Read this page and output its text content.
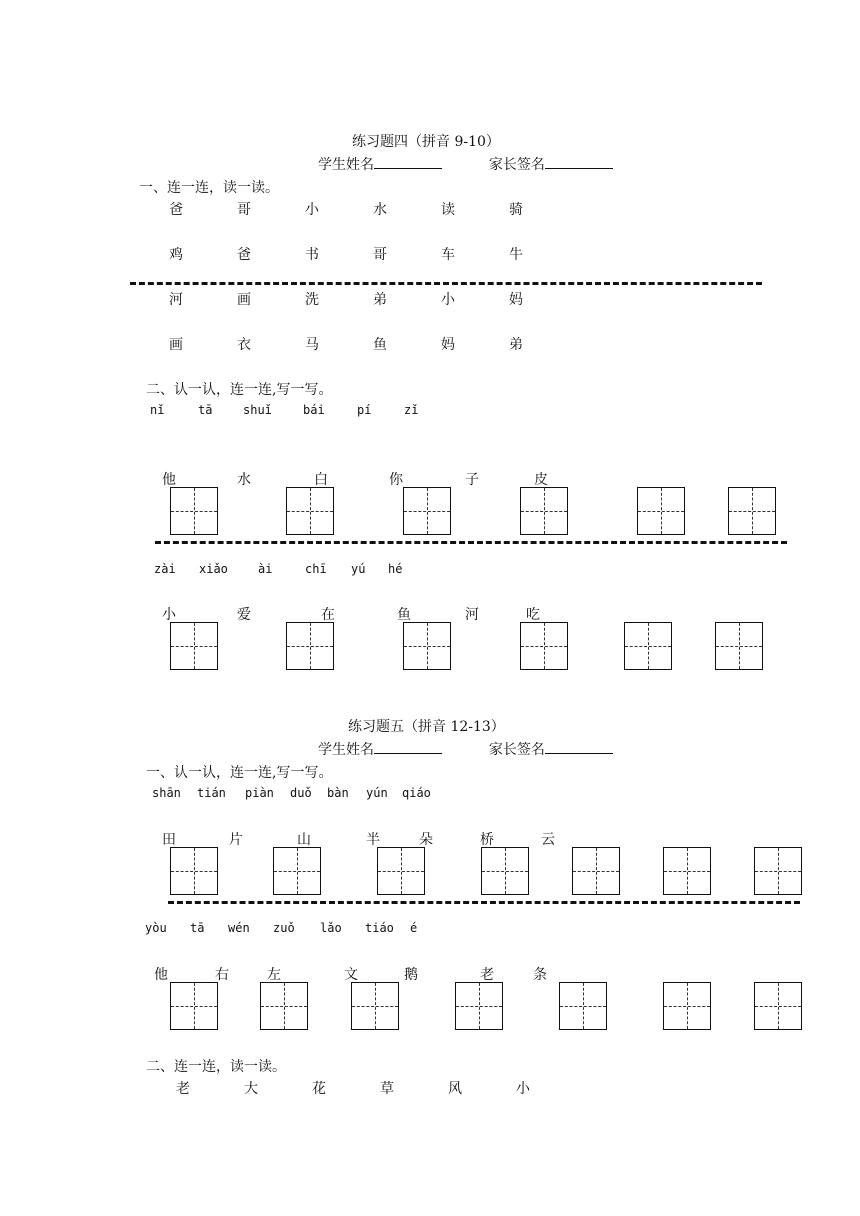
练习题四（拼音 9-10）
学生姓名	家长签名
一、连一连，读一读。
爸	哥	小	水	读	骑
鸡	爸	书	哥	车	牛
河	画	洗	弟	小	妈
画	衣	马	鱼	妈	弟
二、认一认，连一连,写一写。
nǐ	tā	shuǐ	bái	pí	zǐ
他	水	白	你	子	皮
zài xiǎo	ài	chī yú hé
小	爱	在	鱼	河	吃
练习题五（拼音 12-13）
学生姓名	家长签名
一、认一认，连一连,写一写。
shān tián piàn duǒ bàn yún qiáo
田	片	山	半	朵	桥	云
yòu tā wén zuǒ lǎo tiáo é
他	右	左	文	鹅	老	条
二、连一连，读一读。
老	大	花	草	风	小
